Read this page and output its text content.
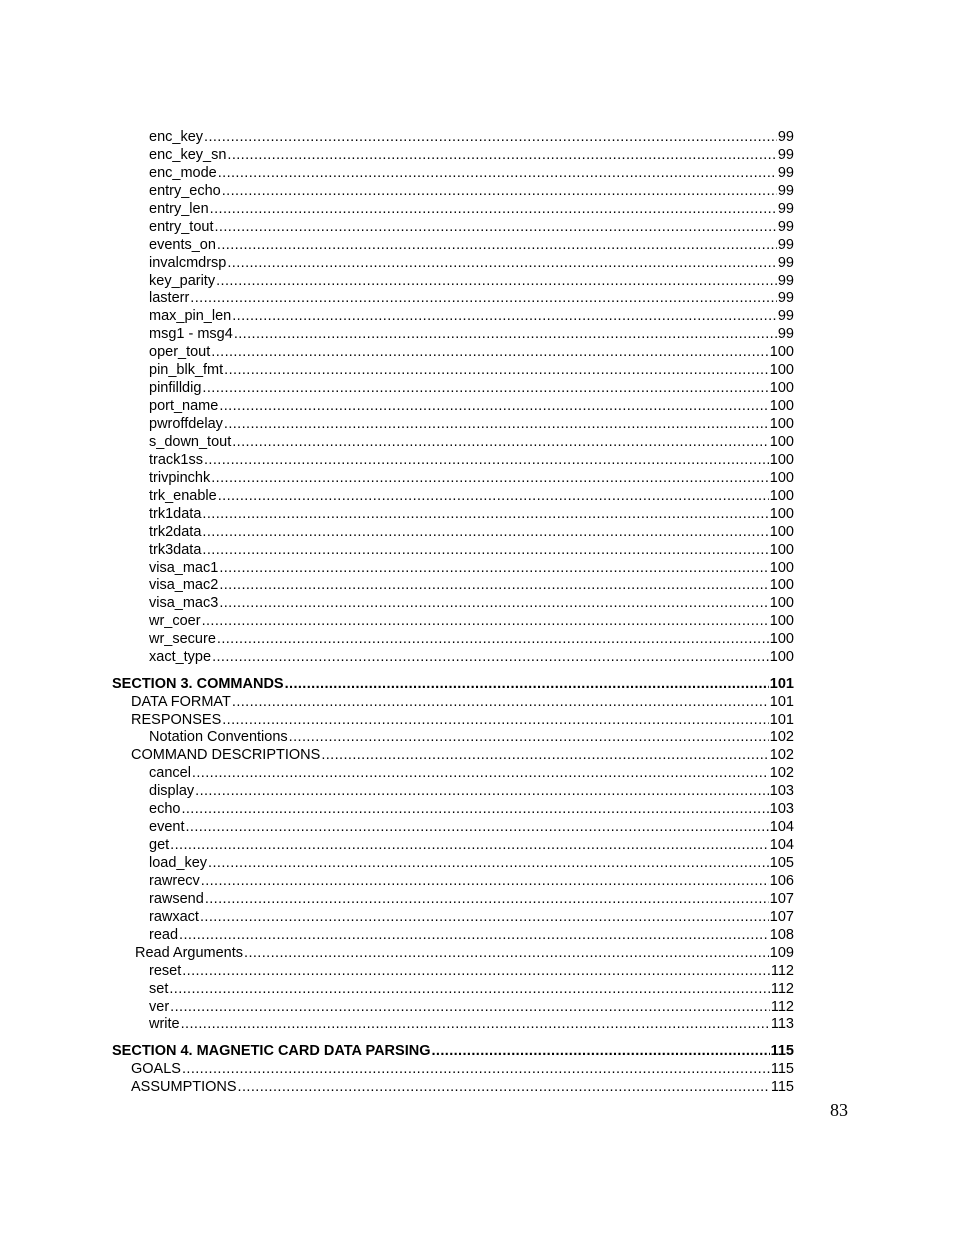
enc_key .....	99
enc_key_sn .....	99
enc_mode .....	99
entry_echo .....	99
entry_len .....	99
entry_tout .....	99
events_on .....	99
invalcmdrsp .....	99
key_parity .....	99
lasterr .....	99
max_pin_len .....	99
msg1 - msg4 .....	99
oper_tout .....	100
pin_blk_fmt .....	100
pinfilldig .....	100
port_name .....	100
pwroffdelay .....	100
s_down_tout .....	100
track1ss .....	100
trivpinchk .....	100
trk_enable .....	100
trk1data .....	100
trk2data .....	100
trk3data .....	100
visa_mac1 .....	100
visa_mac2 .....	100
visa_mac3 .....	100
wr_coer .....	100
wr_secure .....	100
xact_type .....	100
SECTION 3. COMMANDS .....	101
DATA FORMAT .....	101
RESPONSES .....	101
Notation Conventions .....	102
COMMAND DESCRIPTIONS .....	102
cancel .....	102
display .....	103
echo .....	103
event .....	104
get .....	104
load_key .....	105
rawrecv .....	106
rawsend .....	107
rawxact .....	107
read .....	108
Read Arguments .....	109
reset .....	112
set .....	112
ver .....	112
write .....	113
SECTION 4. MAGNETIC CARD DATA PARSING .....	115
GOALS .....	115
ASSUMPTIONS .....	115
83
